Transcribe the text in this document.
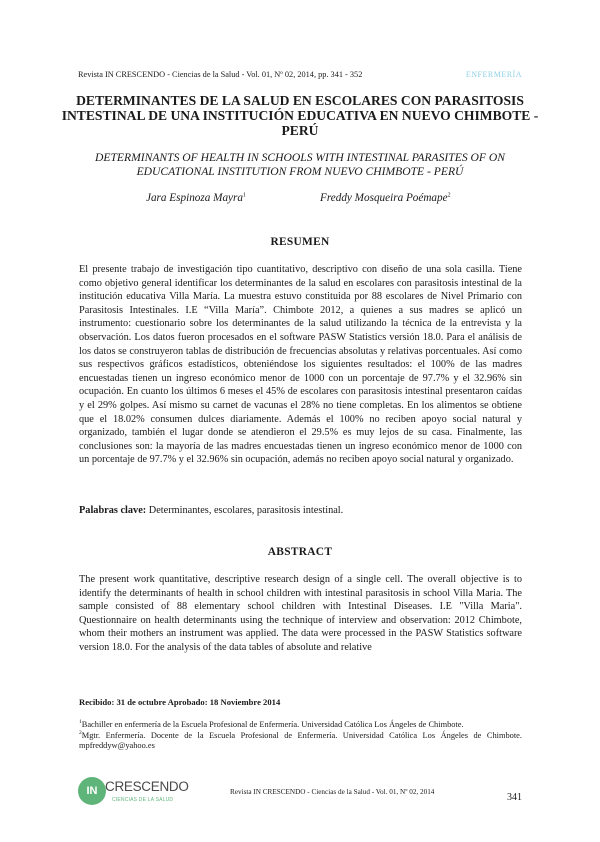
Revista IN CRESCENDO - Ciencias de la Salud - Vol. 01, Nº 02, 2014, pp. 341 - 352	ENFERMERÍA
DETERMINANTES DE LA SALUD EN ESCOLARES CON PARASITOSIS INTESTINAL DE UNA INSTITUCIÓN EDUCATIVA EN NUEVO CHIMBOTE - PERÚ
DETERMINANTS OF HEALTH IN SCHOOLS WITH INTESTINAL PARASITES OF ON EDUCATIONAL INSTITUTION FROM NUEVO CHIMBOTE - PERÚ
Jara Espinoza Mayra$^1$	Freddy Mosqueira Poémape$^2$
RESUMEN
El presente trabajo de investigación tipo cuantitativo, descriptivo con diseño de una sola casilla. Tiene como objetivo general identificar los determinantes de la salud en escolares con parasitosis intestinal de la institución educativa Villa María. La muestra estuvo constituida por 88 escolares de Nivel Primario con Parasitosis Intestinales. I.E “Villa María”. Chimbote 2012, a quienes a sus madres se aplicó un instrumento: cuestionario sobre los determinantes de la salud utilizando la técnica de la entrevista y la observación. Los datos fueron procesados en el software PASW Statistics versión 18.0. Para el análisis de los datos se construyeron tablas de distribución de frecuencias absolutas y relativas porcentuales. Así como sus respectivos gráficos estadísticos, obteniéndose los siguientes resultados: el 100% de las madres encuestadas tienen un ingreso económico menor de 1000 con un porcentaje de 97.7% y el 32.96% sin ocupación. En cuanto los últimos 6 meses el 45% de escolares con parasitosis intestinal presentaron caídas y el 29% golpes. Así mismo su carnet de vacunas el 28% no tiene completas. En los alimentos se obtiene que el 18.02% consumen dulces diariamente. Además el 100% no reciben apoyo social natural y organizado, también el lugar donde se atendieron el 29.5% es muy lejos de su casa. Finalmente, las conclusiones son: la mayoría de las madres encuestadas tienen un ingreso económico menor de 1000 con un porcentaje de 97.7% y el 32.96% sin ocupación, además no reciben apoyo social natural y organizado.
Palabras clave: Determinantes, escolares, parasitosis intestinal.
ABSTRACT
The present work quantitative, descriptive research design of a single cell. The overall objective is to identify the determinants of health in school children with intestinal parasitosis in school Villa Maria. The sample consisted of 88 elementary school children with Intestinal Diseases. I.E "Villa Maria". Questionnaire on health determinants using the technique of interview and observation: 2012 Chimbote, whom their mothers an instrument was applied. The data were processed in the PASW Statistics software version 18.0. For the analysis of the data tables of absolute and relative
Recibido: 31 de octubre Aprobado: 18 Noviembre 2014
$^1$Bachiller en enfermería de la Escuela Profesional de Enfermería. Universidad Católica Los Ángeles de Chimbote.
$^2$Mgtr. Enfermería. Docente de la Escuela Profesional de Enfermería. Universidad Católica Los Ángeles de Chimbote. mpfreddyw@yahoo.es
IN CRESCENDO
CIENCIAS DE LA SALUD
Revista IN CRESCENDO - Ciencias de la Salud - Vol. 01, Nº 02, 2014	341
